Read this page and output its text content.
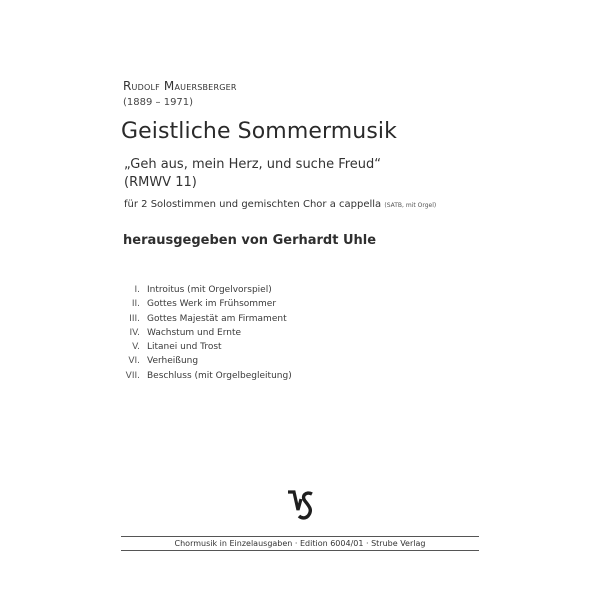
Rudolf Mauersberger
(1889 – 1971)
Geistliche Sommermusik
„Geh aus, mein Herz, und suche Freud“
(RMWV 11)
für 2 Solostimmen und gemischten Chor a cappella (SATB, mit Orgel)
herausgegeben von Gerhardt Uhle
I. Introitus (mit Orgelvorspiel)
II. Gottes Werk im Frühsommer
III. Gottes Majestät am Firmament
IV. Wachstum und Ernte
V. Litanei und Trost
VI. Verheißung
VII. Beschluss (mit Orgelbegleitung)
Chormusik in Einzelausgaben · Edition 6004/01 · Strube Verlag
